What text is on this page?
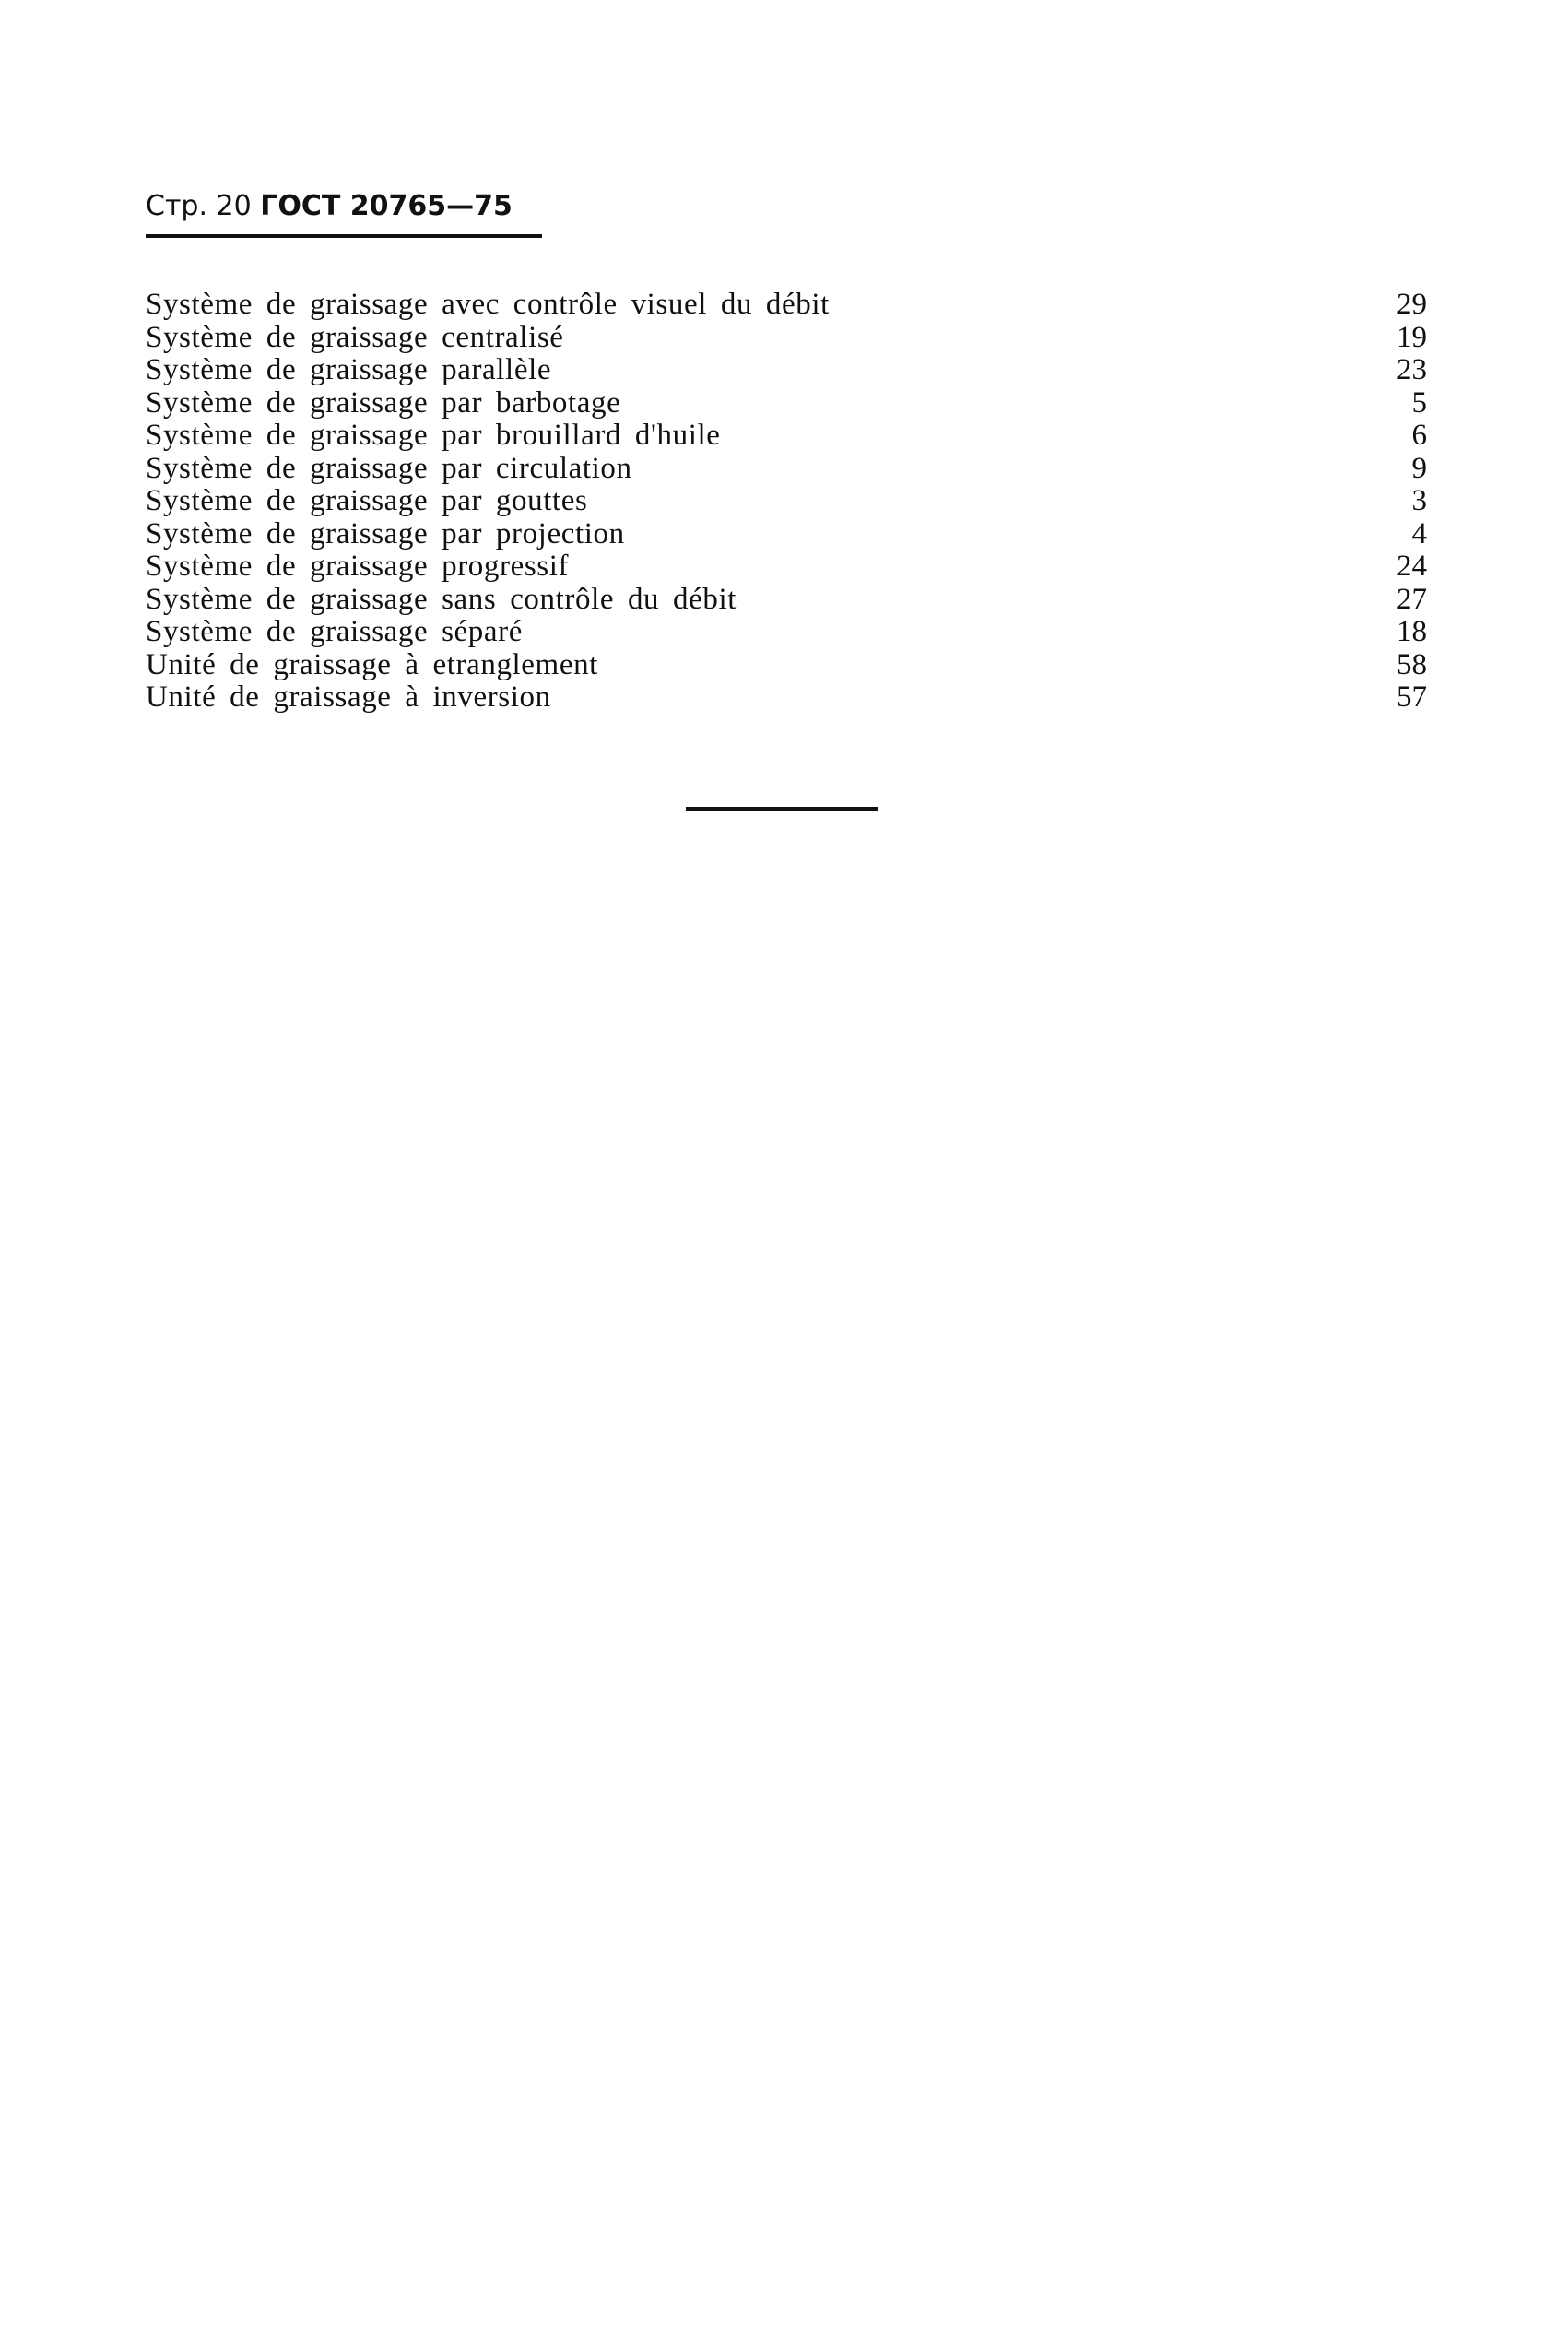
Стр. 20 ГОСТ 20765—75
Système de graissage avec contrôle visuel du débit	29
Système de graissage centralisé	19
Système de graissage parallèle	23
Système de graissage par barbotage	5
Système de graissage par brouillard d'huile	6
Système de graissage par circulation	9
Système de graissage par gouttes	3
Système de graissage par projection	4
Système de graissage progressif	24
Système de graissage sans contrôle du débit	27
Système de graissage séparé	18
Unité de graissage à etranglement	58
Unité de graissage à inversion	57
